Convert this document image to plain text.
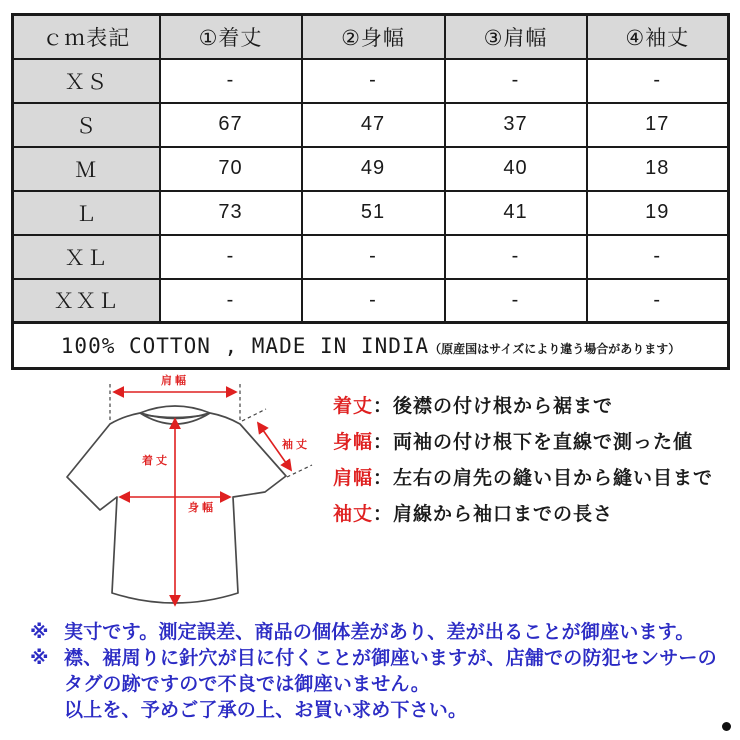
ｃｍ表記	①着丈	②身幅	③肩幅	④袖丈
ＸＳ	-	-	-	-
Ｓ	67	47	37	17
Ｍ	70	49	40	18
Ｌ	73	51	41	19
ＸＬ	-	-	-	-
ＸＸＬ	-	-	-	-
100% COTTON , MADE IN INDIA（原産国はサイズにより違う場合があります）				
肩幅
着丈
身幅
袖丈
着丈：後襟の付け根から裾まで
身幅：両袖の付け根下を直線で測った値
肩幅：左右の肩先の縫い目から縫い目まで
袖丈：肩線から袖口までの長さ
※ 実寸です。測定誤差、商品の個体差があり、差が出ることが御座います。
※ 襟、裾周りに針穴が目に付くことが御座いますが、店舗での防犯センサーのタグの跡ですので不良では御座いません。
以上を、予めご了承の上、お買い求め下さい。
